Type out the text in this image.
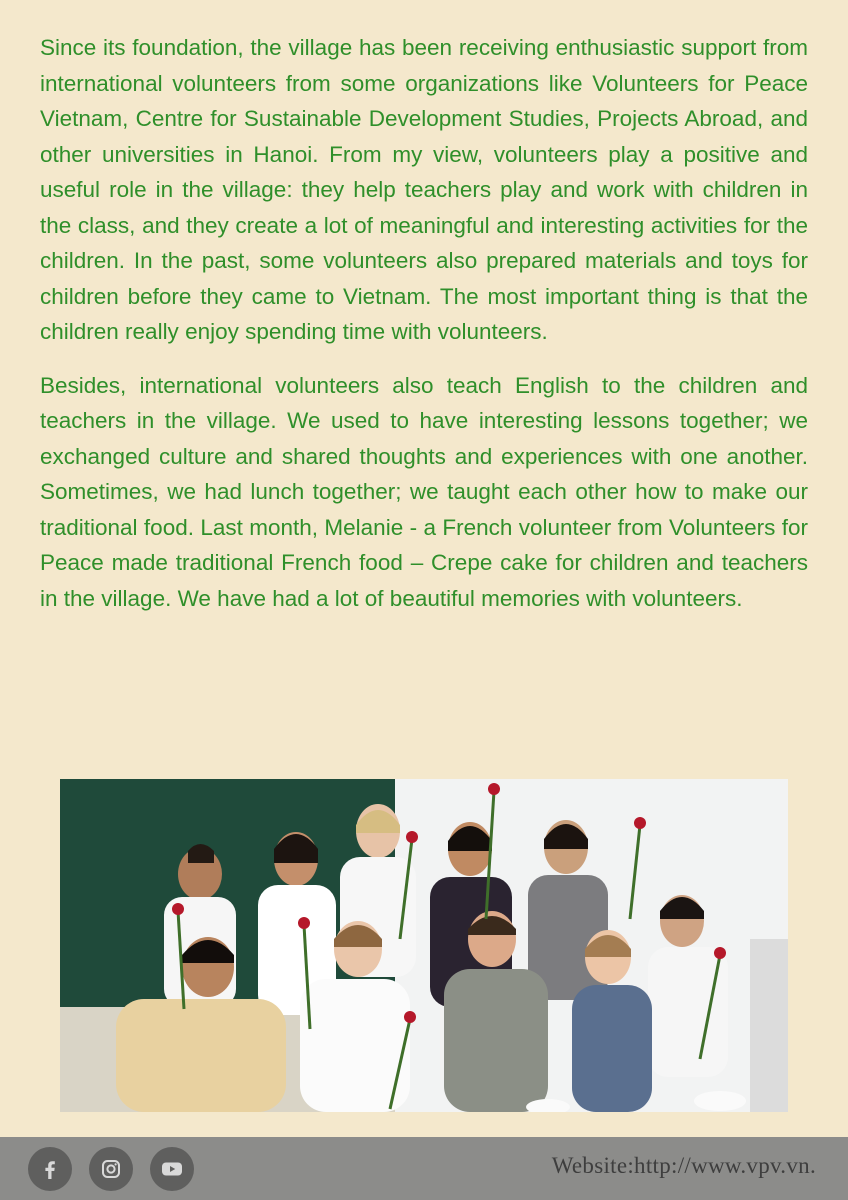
Since its foundation, the village has been receiving enthusiastic support from international volunteers from some organizations like Volunteers for Peace Vietnam, Centre for Sustainable Development Studies, Projects Abroad, and other universities in Hanoi. From my view, volunteers play a positive and useful role in the village: they help teachers play and work with children in the class, and they create a lot of meaningful and interesting activities for the children. In the past, some volunteers also prepared materials and toys for children before they came to Vietnam. The most important thing is that the children really enjoy spending time with volunteers.

Besides, international volunteers also teach English to the children and teachers in the village. We used to have interesting lessons together; we exchanged culture and shared thoughts and experiences with one another. Sometimes, we had lunch together; we taught each other how to make our traditional food. Last month, Melanie - a French volunteer from Volunteers for Peace made traditional French food – Crepe cake for children and teachers in the village. We have had a lot of beautiful memories with volunteers.

Website:http://www.vpv.vn.
